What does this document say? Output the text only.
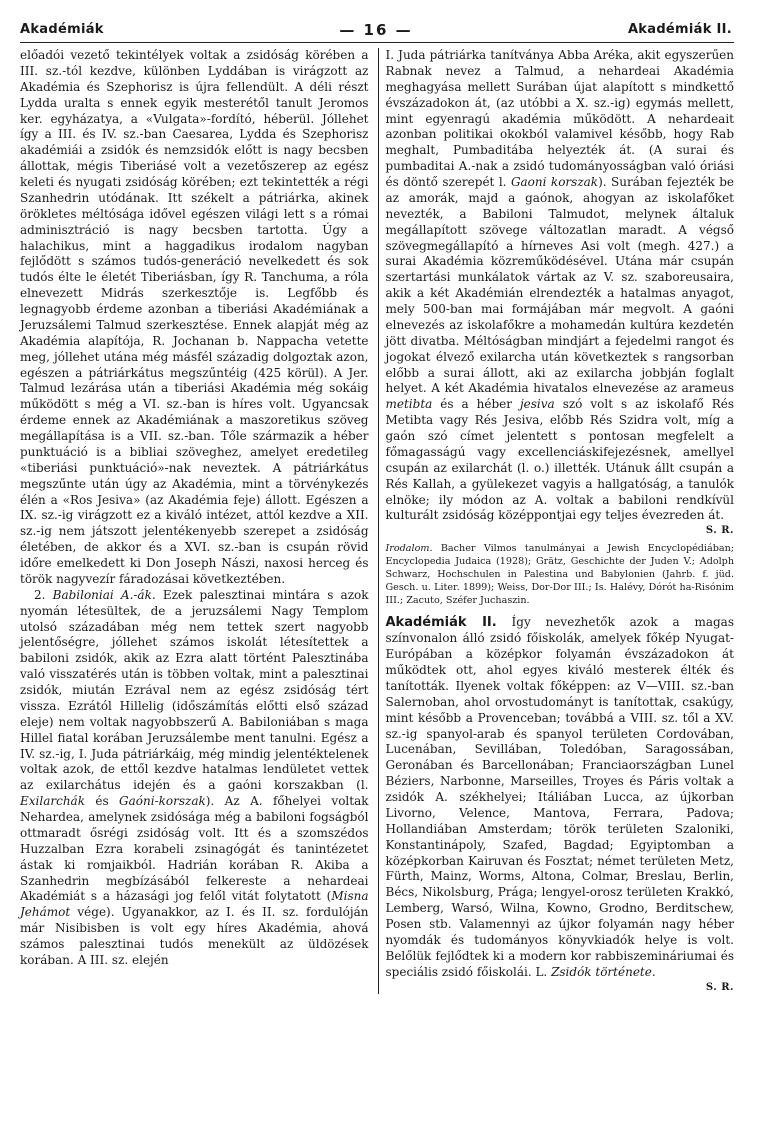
Akadémiák	— 16 —	Akadémiák II.

előadói vezető tekintélyek voltak a zsidóság körében a III. sz.-tól kezdve, különben Lyddában is virágzott az Akadémia és Szephorisz is újra fellendült. A déli részt Lydda uralta s ennek egyik mesterétől tanult Jeromos ker. egyházatya, a «Vulgata»-fordító, héberül. Jóllehet így a III. és IV. sz.-ban Caesarea, Lydda és Szephorisz akadémiái a zsidók és nemzsidók előtt is nagy becsben állottak, mégis Tiberiásé volt a vezetőszerep az egész keleti és nyugati zsidóság körében; ezt tekintették a régi Szanhedrin utódának. Itt székelt a pátriárka, akinek örökletes méltósága idővel egészen világi lett s a római adminisztráció is nagy becsben tartotta. Úgy a halachikus, mint a haggadikus irodalom nagyban fejlődött s számos tudós-generáció nevelkedett és sok tudós élte le életét Tiberiásban, így R. Tanchuma, a róla elnevezett Midrás szerkesztője is. Legfőbb és legnagyobb érdeme azonban a tiberiási Akadémiának a Jeruzsálemi Talmud szerkesztése. Ennek alapját még az Akadémia alapítója, R. Jochanan b. Nappacha vetette meg, jóllehet utána még másfél századig dolgoztak azon, egészen a pátriárkátus megszűntéig (425 körül). A Jer. Talmud lezárása után a tiberiási Akadémia még sokáig működött s még a VI. sz.-ban is híres volt. Ugyancsak érdeme ennek az Akadémiának a maszoretikus szöveg megállapítása is a VII. sz.-ban. Tőle származik a héber punktuáció is a bibliai szöveghez, amelyet eredetileg «tiberiási punktuáció»-nak neveztek. A pátriárkátus megszűnte után úgy az Akadémia, mint a törvénykezés élén a «Ros Jesiva» (az Akadémia feje) állott. Egészen a IX. sz.-ig virágzott ez a kiváló intézet, attól kezdve a XII. sz.-ig nem játszott jelentékenyebb szerepet a zsidóság életében, de akkor és a XVI. sz.-ban is csupán rövid időre emelkedett ki Don Joseph Nászi, naxosi herceg és török nagyvezír fáradozásai következtében.

2. Babiloniai A.-ák. Ezek palesztinai mintára s azok nyomán létesültek, de a jeruzsálemi Nagy Templom utolsó századában még nem tettek szert nagyobb jelentőségre, jóllehet számos iskolát létesítettek a babiloni zsidók, akik az Ezra alatt történt Palesztinába való visszatérés után is többen voltak, mint a palesztinai zsidók, miután Ezrával nem az egész zsidóság tért vissza. Ezrától Hillelig (időszámítás előtti első század eleje) nem voltak nagyobbszerű A. Babiloniában s maga Hillel fiatal korában Jeruzsálembe ment tanulni. Egész a IV. sz.-ig, I. Juda pátriárkáig, még mindig jelentéktelenek voltak azok, de ettől kezdve hatalmas lendületet vettek az exilarchátus idején és a gaóni korszakban (l. Exilarchák és Gaóni-korszak). Az A. főhelyei voltak Nehardea, amelynek zsidósága még a babiloni fogságból ottmaradt ősrégi zsidóság volt. Itt és a szomszédos Huzzalban Ezra korabeli zsinagógát és tanintézetet ástak ki romjaikból. Hadrián korában R. Akiba a Szanhedrin megbízásából felkereste a nehardeai Akadémiát s a házasági jog felől vitát folytatott (Misna Jehámot vége). Ugyanakkor, az I. és II. sz. fordulóján már Nisibisben is volt egy híres Akadémia, ahová számos palesztinai tudós menekült az üldözések korában. A III. sz. elején

I. Juda pátriárka tanítványa Abba Aréka, akit egyszerűen Rabnak nevez a Talmud, a nehardeai Akadémia meghagyása mellett Surában újat alapított s mindkettő évszázadokon át, (az utóbbi a X. sz.-ig) egymás mellett, mint egyenragú akadémia működött. A nehardeait azonban politikai okokból valamivel később, hogy Rab meghalt, Pumbaditába helyezték át. (A surai és pumbaditai A.-nak a zsidó tudományosságban való óriási és döntő szerepét l. Gaoni korszak). Surában fejezték be az amorák, majd a gaónok, ahogyan az iskolafőket nevezték, a Babiloni Talmudot, melynek általuk megállapított szövege változatlan maradt. A végső szövegmegállapító a hírneves Asi volt (megh. 427.) a surai Akadémia közreműködésével. Utána már csupán szertartási munkálatok vártak az V. sz. szaboreusaira, akik a két Akadémián elrendezték a hatalmas anyagot, mely 500-ban mai formájában már megvolt. A gaóni elnevezés az iskolafőkre a mohamedán kultúra kezdetén jött divatba. Méltóságban mindjárt a fejedelmi rangot és jogokat élvező exilarcha után következtek s rangsorban előbb a surai állott, aki az exilarcha jobbján foglalt helyet. A két Akadémia hivatalos elnevezése az arameus metibta és a héber jesiva szó volt s az iskolafő Rés Metibta vagy Rés Jesiva, előbb Rés Szidra volt, míg a gaón szó címet jelentett s pontosan megfelelt a főmagasságú vagy excellenciáskifejezésnek, amellyel csupán az exilarchát (l. o.) illették. Utánuk állt csupán a Rés Kallah, a gyülekezet vagyis a hallgatóság, a tanulók elnöke; ily módon az A. voltak a babiloni rendkívül kulturált zsidóság középpontjai egy teljes évezreden át.
S. R.

Irodalom. Bacher Vilmos tanulmányai a Jewish Encyclopédiában; Encyclopedia Judaica (1928); Grätz, Geschichte der Juden V.; Adolph Schwarz, Hochschulen in Palestina und Babylonien (Jahrb. f. jüd. Gesch. u. Liter. 1899); Weiss, Dor-Dor III.; Is. Halévy, Dórót ha-Risónim III.; Zacuto, Széfer Juchaszin.

Akadémiák II. Így nevezhetők azok a magas színvonalon álló zsidó főiskolák, amelyek főkép Nyugat-Európában a középkor folyamán évszázadokon át működtek ott, ahol egyes kiváló mesterek élték és tanították. Ilyenek voltak főképpen: az V—VIII. sz.-ban Salernoban, ahol orvostudományt is tanítottak, csakúgy, mint később a Provenceban; továbbá a VIII. sz. től a XV. sz.-ig spanyol-arab és spanyol területen Cordovában, Lucenában, Sevillában, Toledóban, Saragossában, Geronában és Barcellonában; Franciaországban Lunel Béziers, Narbonne, Marseilles, Troyes és Páris voltak a zsidók A. székhelyei; Itáliában Lucca, az újkorban Livorno, Velence, Mantova, Ferrara, Padova; Hollandiában Amsterdam; török területen Szaloniki, Konstantinápoly, Szafed, Bagdad; Egyiptomban a középkorban Kairuvan és Fosztat; német területen Metz, Fürth, Mainz, Worms, Altona, Colmar, Breslau, Berlin, Bécs, Nikolsburg, Prága; lengyel-orosz területen Krakkó, Lemberg, Warsó, Wilna, Kowno, Grodno, Berditschew, Posen stb. Valamennyi az újkor folyamán nagy héber nyomdák és tudományos könyvkiadók helye is volt. Belőlük fejlődtek ki a modern kor rabbiszemináriumai és speciális zsidó főiskolái. L. Zsidók története.
S. R.
